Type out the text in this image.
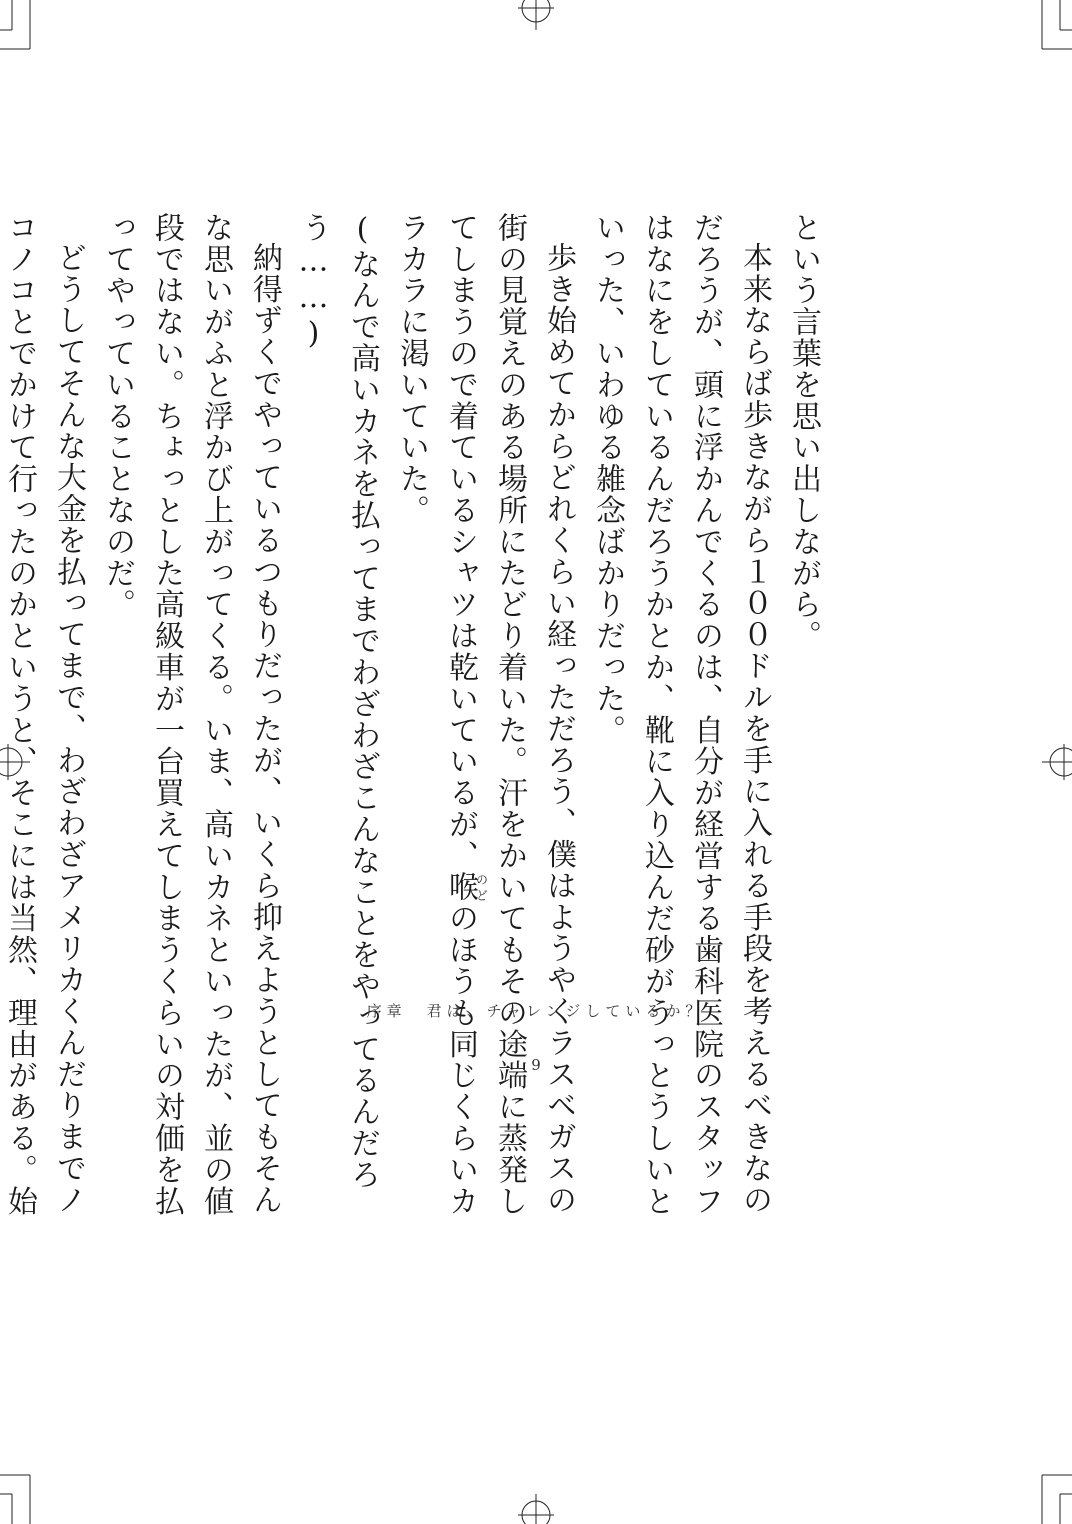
という言葉を思い出しながら。

本来ならば歩きながら１００ドルを手に入れる手段を考えるべきなのだろうが、頭に浮かんでくるのは、自分が経営する歯科医院のスタッフはなにをしているんだろうかとか、靴に入り込んだ砂がうっとうしいといった、いわゆる雑念ばかりだった。

歩き始めてからどれくらい経っただろう、僕はようやくラスベガスの街の見覚えのある場所にたどり着いた。汗をかいてもその途端に蒸発してしまうので着ているシャツは乾いているが、喉のどのほうも同じくらいカラカラに渇いていた。

(なんで高いカネを払ってまでわざわざこんなことをやってるんだろう……)

納得ずくでやっているつもりだったが、いくら抑えようとしてもそんな思いがふと浮かび上がってくる。いま、高いカネといったが、並の値段ではない。ちょっとした高級車が一台買えてしまうくらいの対価を払ってやっていることなのだ。

どうしてそんな大金を払ってまで、わざわざアメリカくんだりまでノコノコとでかけて行ったのかというと、そこには当然、理由がある。始

序章　君は、チャレンジしているか？
9
